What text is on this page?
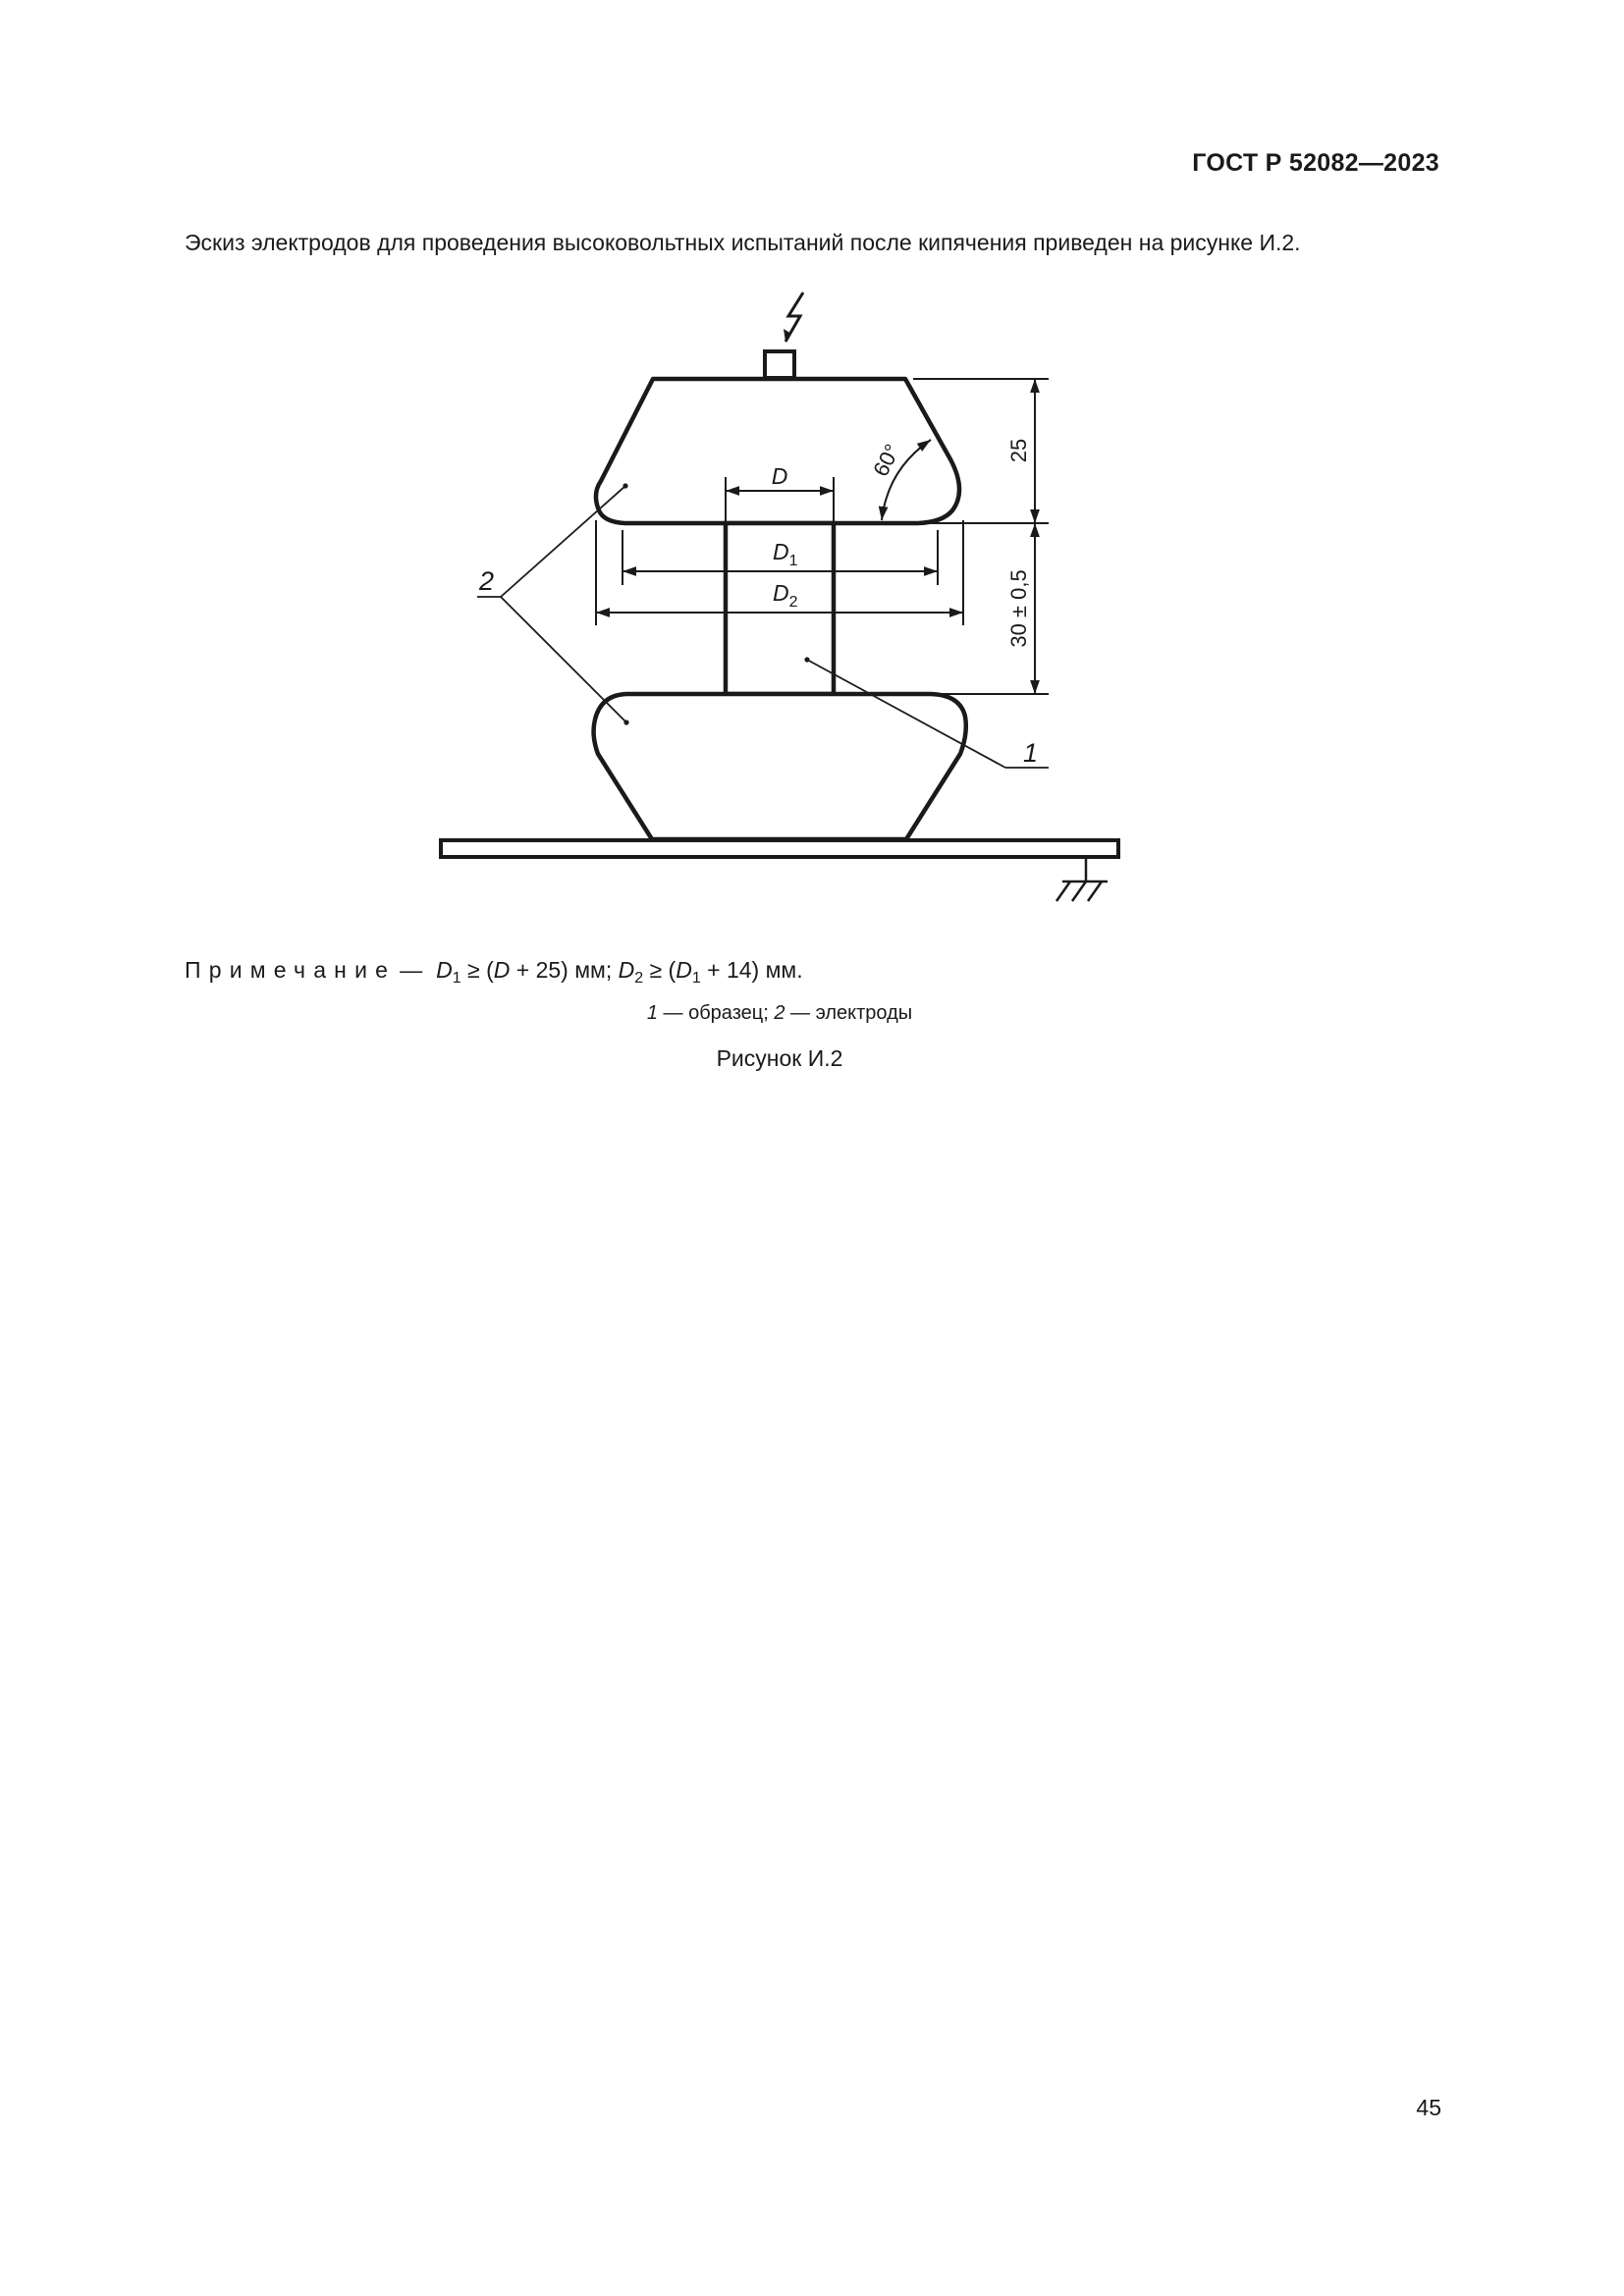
ГОСТ Р 52082—2023
Эскиз электродов для проведения высоковольтных испытаний после кипячения приведен на рисунке И.2.
D
$D_1$
$D_2$
60°	25
30 ± 0,5
1
2
Примечание — $D_1 \ge (D + 25)$ мм; $D_2 \ge (D_1 + 14)$ мм.
1 — образец; 2 — электроды
Рисунок И.2
45
